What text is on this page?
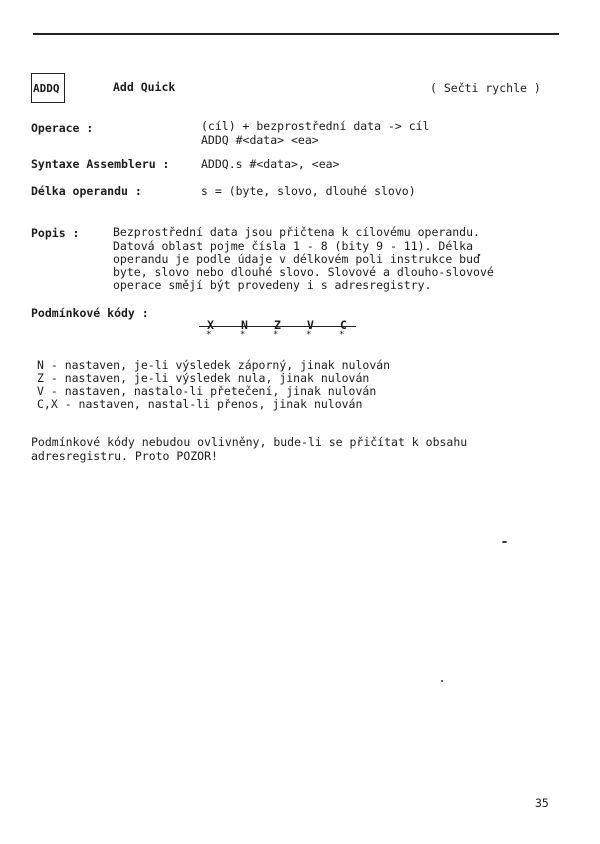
ADDQ	Add Quick	( Sečti rychle )
Operace :	(cíl) + bezprostřední data -> cíl
ADDQ #<data> <ea>
Syntaxe Assembleru :	ADDQ.s #<data>, <ea>
Délka operandu :	s = (byte, slovo, dlouhé slovo)
Popis :	Bezprostřední data jsou přičtena k cílovému operandu.
Datová oblast pojme čísla 1 - 8 (bity 9 - 11). Délka
operandu je podle údaje v délkovém poli instrukce buď
byte, slovo nebo dlouhé slovo. Slovové a dlouho-slovové
operace smějí být provedeny i s adresregistry.
Podmínkové kódy :
X N Z V C
*	*	*	*	*
N - nastaven, je-li výsledek záporný, jinak nulován
Z - nastaven, je-li výsledek nula, jinak nulován
V - nastaven, nastalo-li přetečení, jinak nulován
C,X - nastaven, nastal-li přenos, jinak nulován
Podmínkové kódy nebudou ovlivněny, bude-li se přičítat k obsahu
adresregistru. Proto POZOR!
35
